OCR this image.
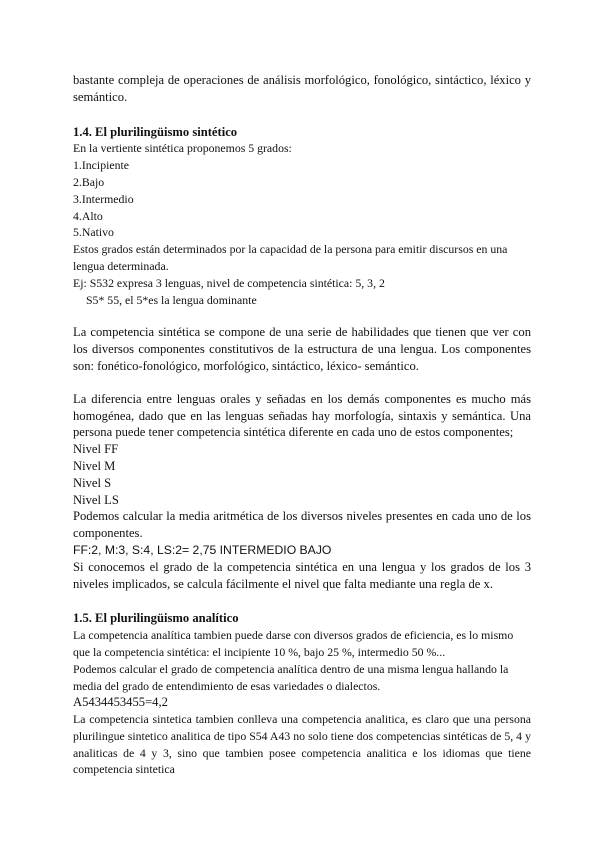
bastante compleja de operaciones de análisis morfológico, fonológico, sintáctico, léxico y semántico.

1.4. El plurilingüismo sintético

En la vertiente sintética proponemos 5 grados:

1.Incipiente

2.Bajo

3.Intermedio

4.Alto

5.Nativo

Estos grados están determinados por la capacidad de la persona para emitir discursos en una lengua determinada.

Ej: S532 expresa 3 lenguas, nivel de competencia sintética: 5, 3, 2

S5* 55, el 5*es la lengua dominante

La competencia sintética se compone de una serie de habilidades que tienen que ver con los diversos componentes constitutivos de la estructura de una lengua. Los componentes son: fonético-fonológico, morfológico, sintáctico, léxico- semántico.

La diferencia entre lenguas orales y señadas en los demás componentes es mucho más homogénea, dado que en las lenguas señadas hay morfología, sintaxis y semántica. Una persona puede tener competencia sintética diferente en cada uno de estos componentes;

Nivel FF

Nivel M

Nivel S

Nivel LS

Podemos calcular la media aritmética de los diversos niveles presentes en cada uno de los componentes.

FF:2, M:3, S:4, LS:2= 2,75 INTERMEDIO BAJO

Si conocemos el grado de la competencia sintética en una lengua y los grados de los 3 niveles implicados, se calcula fácilmente el nivel que falta mediante una regla de x.

1.5. El plurilingüismo analítico

La competencia analítica tambien puede darse con diversos grados de eficiencia, es lo mismo que la competencia sintética: el incipiente 10 %, bajo 25 %, intermedio 50 %...

Podemos calcular el grado de competencia analítica dentro de una misma lengua hallando la media del grado de entendimiento de esas variedades o dialectos.

A5434453455=4,2

La competencia sintetica tambien conlleva una competencia analitica, es claro que una persona plurilingue sintetico analitica de tipo S54 A43 no solo tiene dos competencias sintéticas de 5, 4 y analiticas de 4 y 3, sino que tambien posee competencia analitica e los idiomas que tiene competencia sintetica
